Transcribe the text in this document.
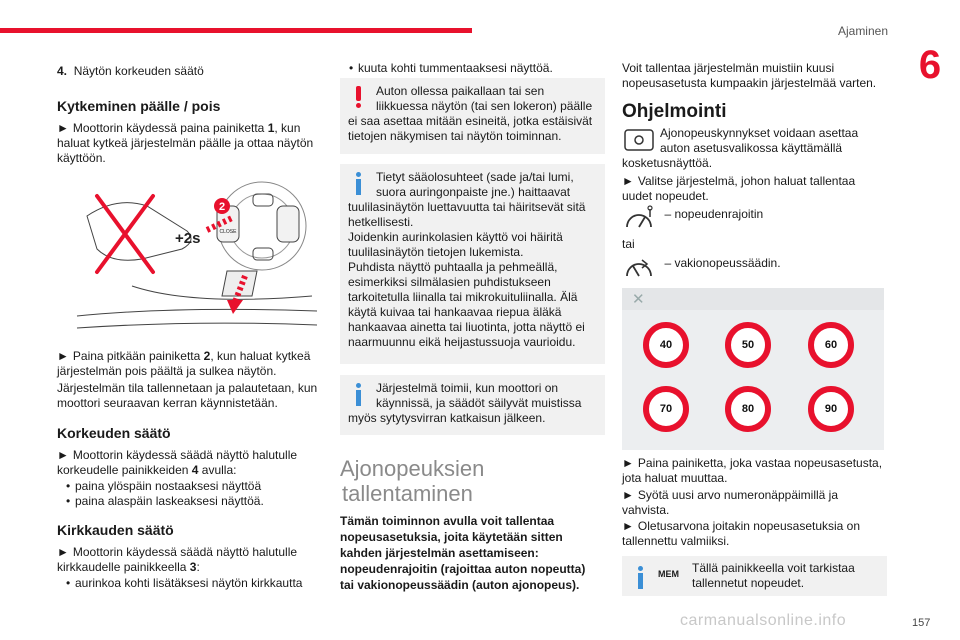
Ajaminen
6

4. Näytön korkeuden säätö

Kytkeminen päälle / pois

► Moottorin käydessä paina painiketta 1, kun haluat kytkeä järjestelmän päälle ja ottaa näytön käyttöön.

2
+2s	CLOSE

► Paina pitkään painiketta 2, kun haluat kytkeä järjestelmän pois päältä ja sulkea näytön.

Järjestelmän tila tallennetaan ja palautetaan, kun moottori seuraavan kerran käynnistetään.

Korkeuden säätö

► Moottorin käydessä säädä näyttö halutulle korkeudelle painikkeiden 4 avulla:

• paina ylöspäin nostaaksesi näyttöä
• paina alaspäin laskeaksesi näyttöä.
Kirkkauden säätö

► Moottorin käydessä säädä näyttö halutulle kirkkaudelle painikkeella 3:

• aurinkoa kohti lisätäksesi näytön kirkkautta
• kuuta kohti tummentaaksesi näyttöä.
Auton ollessa paikallaan tai sen liikkuessa näytön (tai sen lokeron) päälle ei saa asettaa mitään esineitä, jotka estäisivät tietojen näkymisen tai näytön toiminnan.
Tietyt sääolosuhteet (sade ja/tai lumi, suora auringonpaiste jne.) haittaavat tuulilasinäytön luettavuutta tai häiritsevät sitä hetkellisesti.
Joidenkin aurinkolasien käyttö voi häiritä tuulilasinäytön tietojen lukemista.
Puhdista näyttö puhtaalla ja pehmeällä, esimerkiksi silmälasien puhdistukseen tarkoitetulla liinalla tai mikrokuituliinalla. Älä käytä kuivaa tai hankaavaa riepua äläkä hankaavaa ainetta tai liuotinta, jotta näyttö ei naarmuunnu eikä heijastussuoja vaurioidu.
Järjestelmä toimii, kun moottori on käynnissä, ja säädöt säilyvät muistissa myös sytytysvirran katkaisun jälkeen.
Ajonopeuksien
tallentaminen

Tämän toiminnon avulla voit tallentaa nopeusasetuksia, joita käytetään sitten kahden järjestelmän asettamiseen: nopeudenrajoitin (rajoittaa auton nopeutta) tai vakionopeussäädin (auton ajonopeus).

Voit tallentaa järjestelmän muistiin kuusi nopeusasetusta kumpaakin järjestelmää varten.

Ohjelmointi

Ajonopeuskynnykset voidaan asettaa auton asetusvalikossa käyttämällä kosketusnäyttöä.

► Valitse järjestelmä, johon haluat tallentaa uudet nopeudet.

– nopeudenrajoitin

tai

– vakionopeussäädin.
✕
40	50	60
70	80	90

► Paina painiketta, joka vastaa nopeusasetusta, jota haluat muuttaa.

► Syötä uusi arvo numeronäppäimillä ja vahvista.

► Oletusarvona joitakin nopeusasetuksia on tallennettu valmiiksi.

MEM Tällä painikkeella voit tarkistaa tallennetut nopeudet.

carmanualsonline.info	157
